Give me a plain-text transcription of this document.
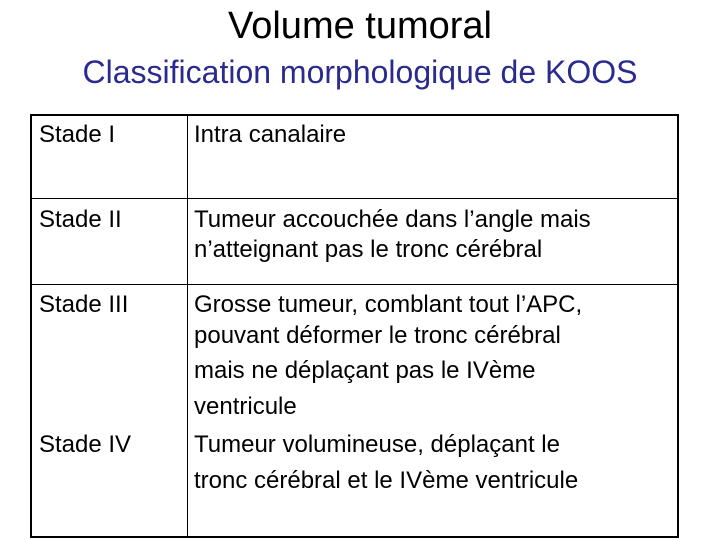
Volume tumoral
Classification morphologique de KOOS
Stade I	Intra canalaire
Stade II	Tumeur accouchée dans l’angle mais
n’atteignant pas le tronc cérébral
Stade III	Grosse tumeur, comblant tout l’APC,
pouvant déformer le tronc cérébral
mais ne déplaçant pas le IVème
ventricule
Stade IV	Tumeur volumineuse, déplaçant le
tronc cérébral et le IVème ventricule
